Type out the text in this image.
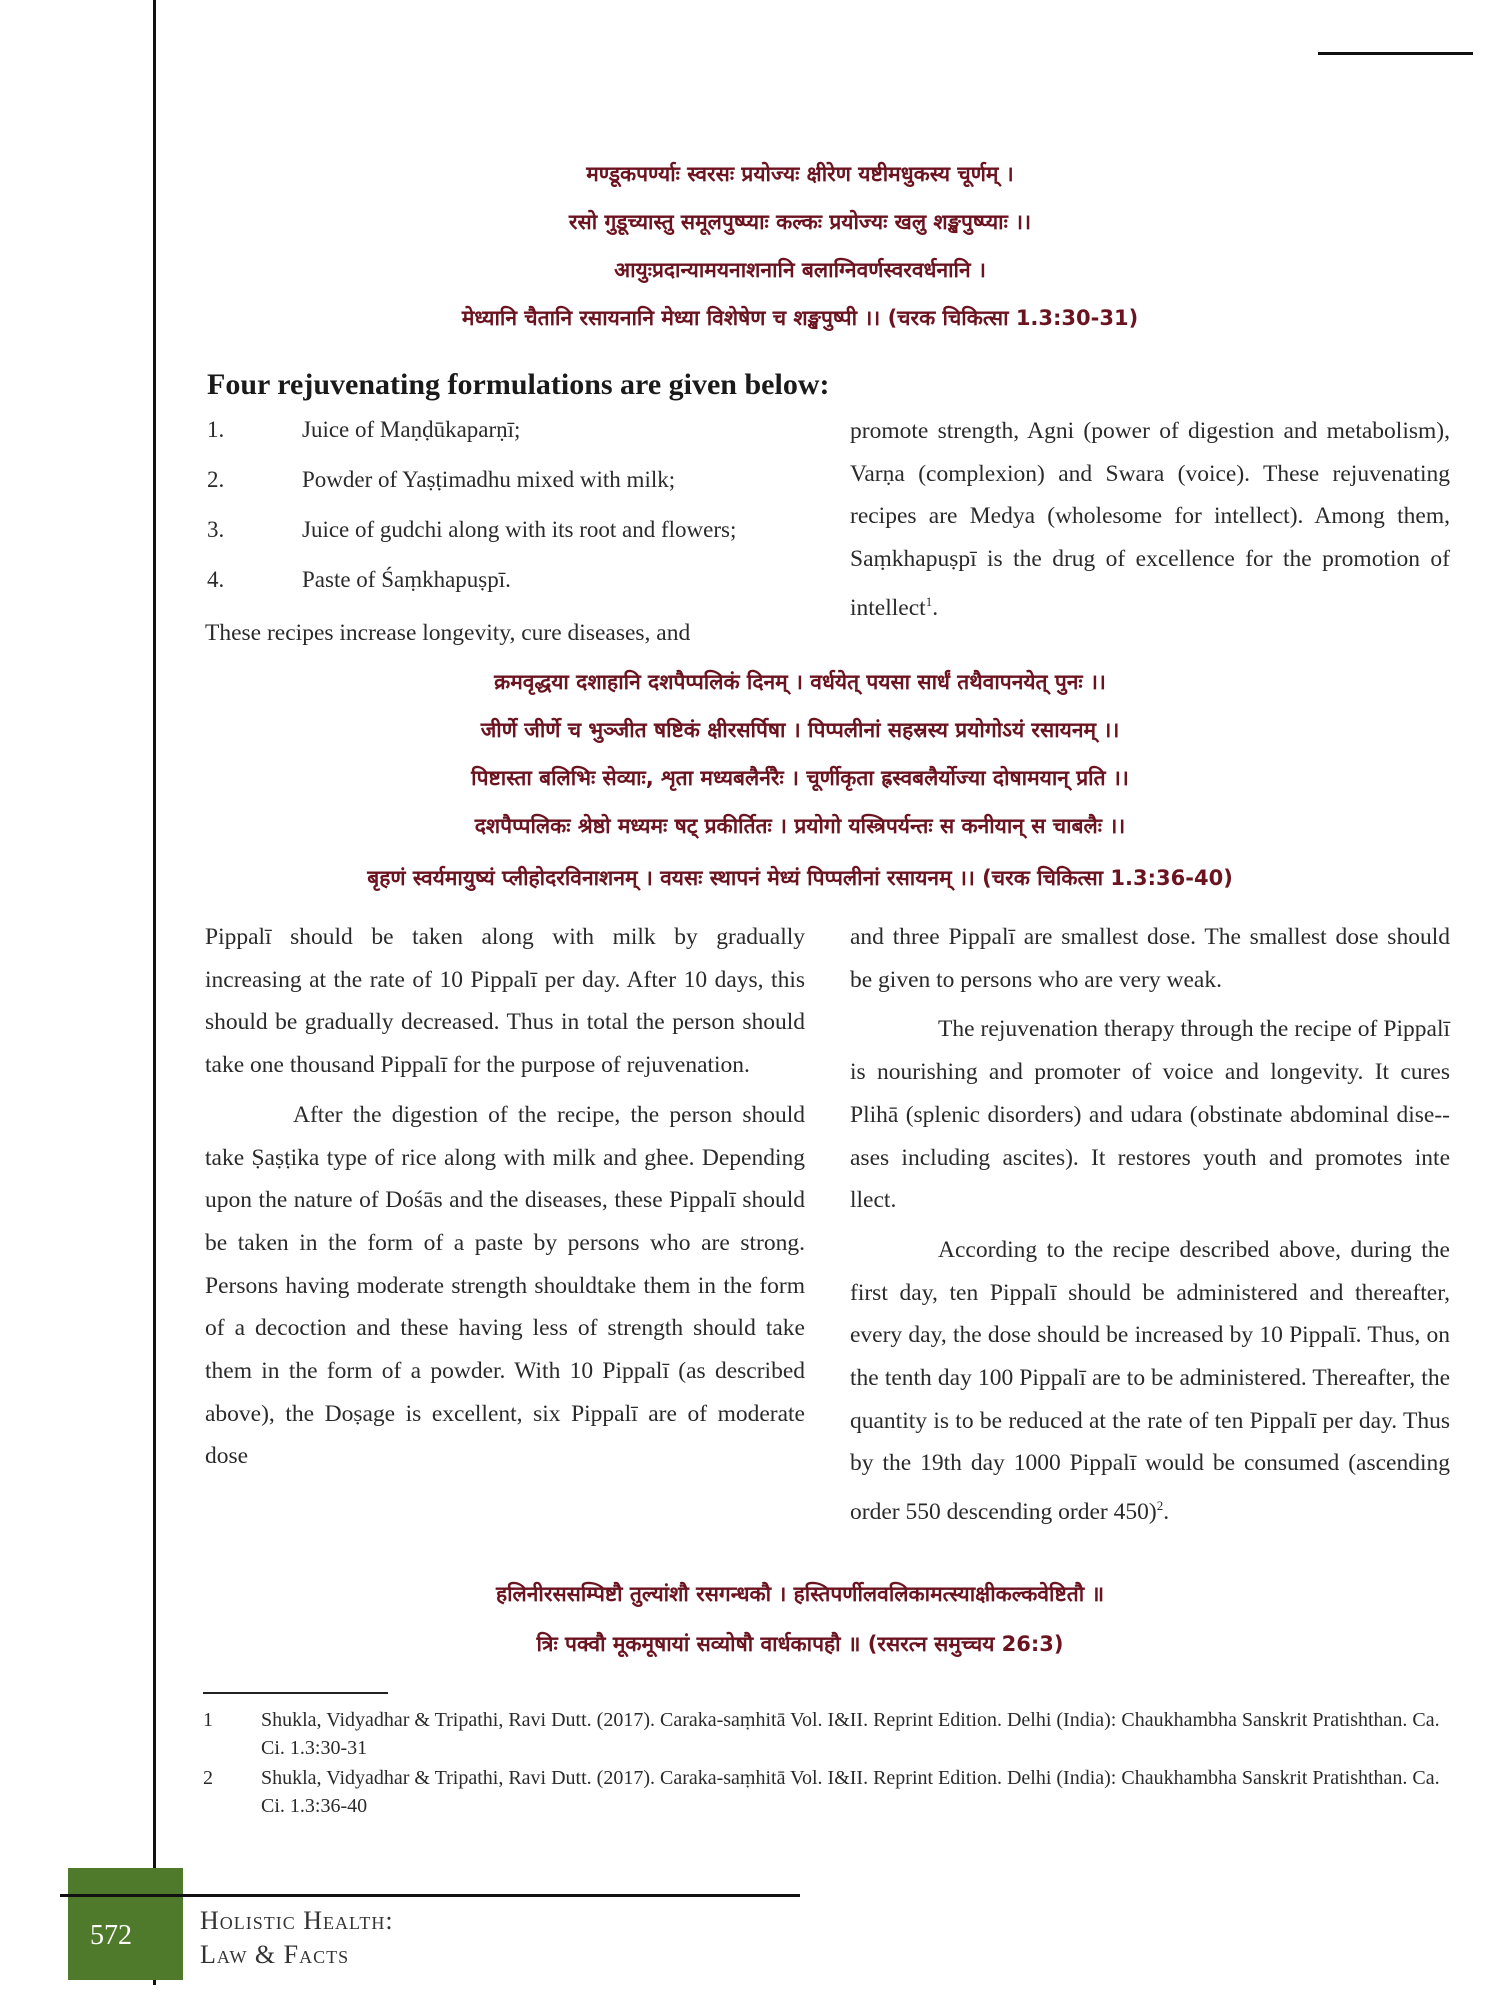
मण्डूकपर्ण्याः स्वरसः प्रयोज्यः क्षीरेण यष्टीमधुकस्य चूर्णम् ।
रसो गुडूच्यास्तु समूलपुष्प्याः कल्कः प्रयोज्यः खलु शङ्खपुष्प्याः ।।
आयुःप्रदान्यामयनाशनानि बलाग्निवर्णस्वरवर्धनानि ।
मेध्यानि चैतानि रसायनानि मेध्या विशेषेण च शङ्खपुष्पी ।। (चरक चिकित्सा 1.3:30-31)
Four rejuvenating formulations are given below:
1.	Juice of Maṇḍūkaparṇī;
2.	Powder of Yaṣṭimadhu mixed with milk;
3.	Juice of gudchi along with its root and flowers;
4.	Paste of Śaṃkhapuṣpī.

These recipes increase longevity, cure diseases, and

promote strength, Agni (power of digestion and metabolism), Varṇa (complexion) and Swara (voice). These rejuvenating recipes are Medya (wholesome for intellect). Among them, Saṃkhapuṣpī is the drug of excellence for the promotion of intellect$^1$.

क्रमवृद्धया दशाहानि दशपैप्पलिकं दिनम् । वर्धयेत् पयसा सार्धं तथैवापनयेत् पुनः ।।
जीर्णे जीर्णे च भुञ्जीत षष्टिकं क्षीरसर्पिषा । पिप्पलीनां सहस्रस्य प्रयोगोऽयं रसायनम् ।।
पिष्टास्ता बलिभिः सेव्याः, शृता मध्यबलैर्नरैः । चूर्णीकृता ह्रस्वबलैर्योज्या दोषामयान् प्रति ।।
दशपैप्पलिकः श्रेष्ठो मध्यमः षट् प्रकीर्तितः । प्रयोगो यस्त्रिपर्यन्तः स कनीयान् स चाबलैः ।।
बृहणं स्वर्यमायुष्यं प्लीहोदरविनाशनम् । वयसः स्थापनं मेध्यं पिप्पलीनां रसायनम् ।। (चरक चिकित्सा 1.3:36-40)

Pippalī should be taken along with milk by gradually increasing at the rate of 10 Pippalī per day. After 10 days, this should be gradually decreased. Thus in total the person should take one thousand Pippalī for the purpose of rejuvenation.

After the digestion of the recipe, the person should take Ṣaṣṭika type of rice along with milk and ghee. Depending upon the nature of Dośās and the diseases, these Pippalī should be taken in the form of a paste by persons who are strong. Persons having moderate strength shouldtake them in the form of a decoction and these having less of strength should take them in the form of a powder. With 10 Pippalī (as described above), the Doṣage is excellent, six Pippalī are of moderate dose

and three Pippalī are smallest dose. The smallest dose should be given to persons who are very weak.

The rejuvenation therapy through the recipe of Pippalī is nourishing and promoter of voice and longevity. It cures Plihā (splenic disorders) and udara (obstinate abdominal dise-- ases including ascites). It restores youth and promotes inte llect.

According to the recipe described above, during the first day, ten Pippalī should be administered and thereafter, every day, the dose should be increased by 10 Pippalī. Thus, on the tenth day 100 Pippalī are to be administered. Thereafter, the quantity is to be reduced at the rate of ten Pippalī per day. Thus by the 19th day 1000 Pippalī would be consumed (ascending order 550 descending order 450)$^2$.

हलिनीरससम्पिष्टौ तुल्यांशौ रसगन्धकौ । हस्तिपर्णीलवलिकामत्स्याक्षीकल्कवेष्टितौ ॥
त्रिः पक्वौ मूकमूषायां सव्योषौ वार्धकापहौ ॥ (रसरत्न समुच्चय 26:3)
1 Shukla, Vidyadhar & Tripathi, Ravi Dutt. (2017). Caraka-saṃhitā Vol. I&II. Reprint Edition. Delhi (India): Chaukhambha Sanskrit Pratishthan. Ca. Ci. 1.3:30-31
2 Shukla, Vidyadhar & Tripathi, Ravi Dutt. (2017). Caraka-saṃhitā Vol. I&II. Reprint Edition. Delhi (India): Chaukhambha Sanskrit Pratishthan. Ca. Ci. 1.3:36-40
572	Holistic Health:
Law & Facts
